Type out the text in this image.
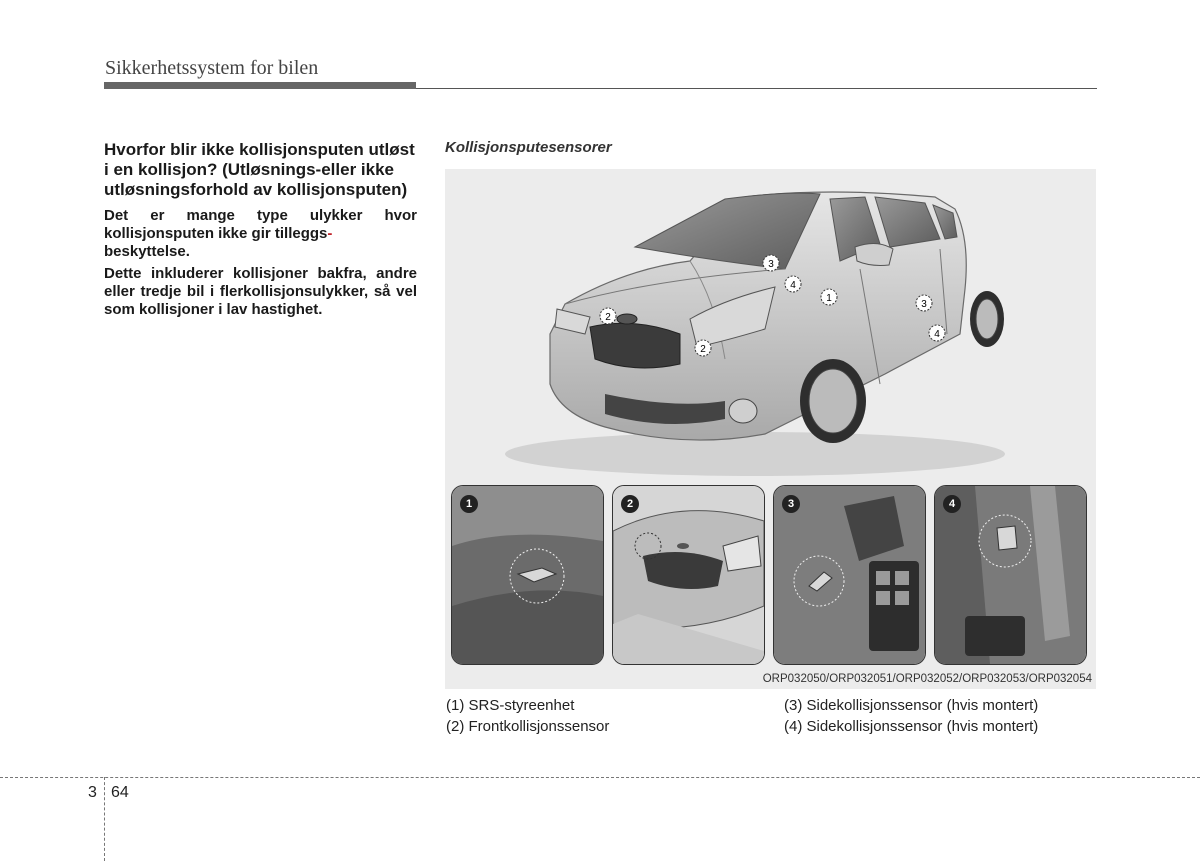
Sikkerhetssystem for bilen

Hvorfor blir ikke kollisjonsputen utløst i en kollisjon? (Utløsnings-eller ikke utløsningsforhold av kollisjonsputen)

Det er mange type ulykker hvor kollisjonsputen ikke gir tilleggs-
beskyttelse.

Dette inkluderer kollisjoner bakfra, andre eller tredje bil i flerkollisjonsulykker, så vel som kollisjoner i lav hastighet.

Kollisjonsputesensorer
1
2
2
3
4
3
4
1	2	3	4
ORP032050/ORP032051/ORP032052/ORP032053/ORP032054
(1) SRS-styreenhet
(2) Frontkollisjonssensor
(3) Sidekollisjonssensor (hvis montert)
(4) Sidekollisjonssensor (hvis montert)
3 64
